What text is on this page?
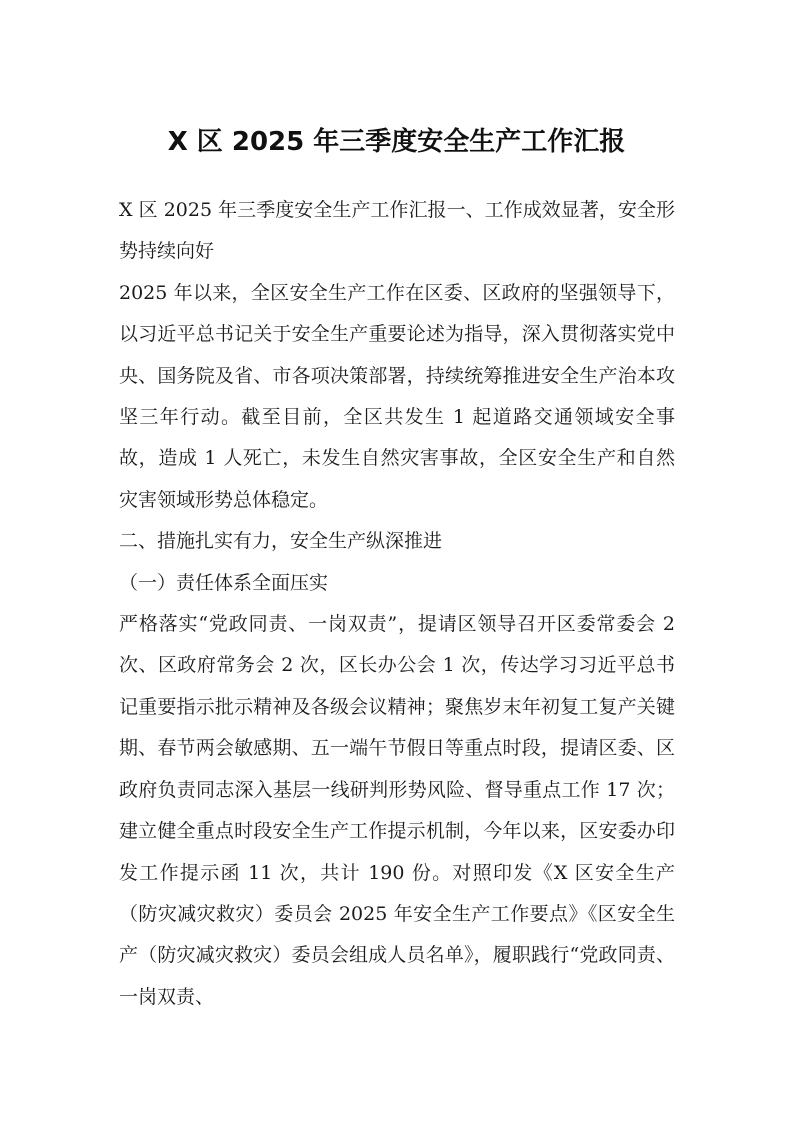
X 区 2025 年三季度安全生产工作汇报

X 区 2025 年三季度安全生产工作汇报一、工作成效显著，安全形势持续向好

2025 年以来，全区安全生产工作在区委、区政府的坚强领导下，以习近平总书记关于安全生产重要论述为指导，深入贯彻落实党中央、国务院及省、市各项决策部署，持续统筹推进安全生产治本攻坚三年行动。截至目前，全区共发生 1 起道路交通领域安全事故，造成 1 人死亡，未发生自然灾害事故，全区安全生产和自然灾害领域形势总体稳定。

二、措施扎实有力，安全生产纵深推进

（一）责任体系全面压实

严格落实“党政同责、一岗双责”，提请区领导召开区委常委会 2 次、区政府常务会 2 次，区长办公会 1 次，传达学习习近平总书记重要指示批示精神及各级会议精神；聚焦岁末年初复工复产关键期、春节两会敏感期、五一端午节假日等重点时段，提请区委、区政府负责同志深入基层一线研判形势风险、督导重点工作 17 次；建立健全重点时段安全生产工作提示机制，今年以来，区安委办印发工作提示函 11 次，共计 190 份。对照印发《X 区安全生产（防灾减灾救灾）委员会 2025 年安全生产工作要点》《区安全生产（防灾减灾救灾）委员会组成人员名单》，履职践行“党政同责、一岗双责、
